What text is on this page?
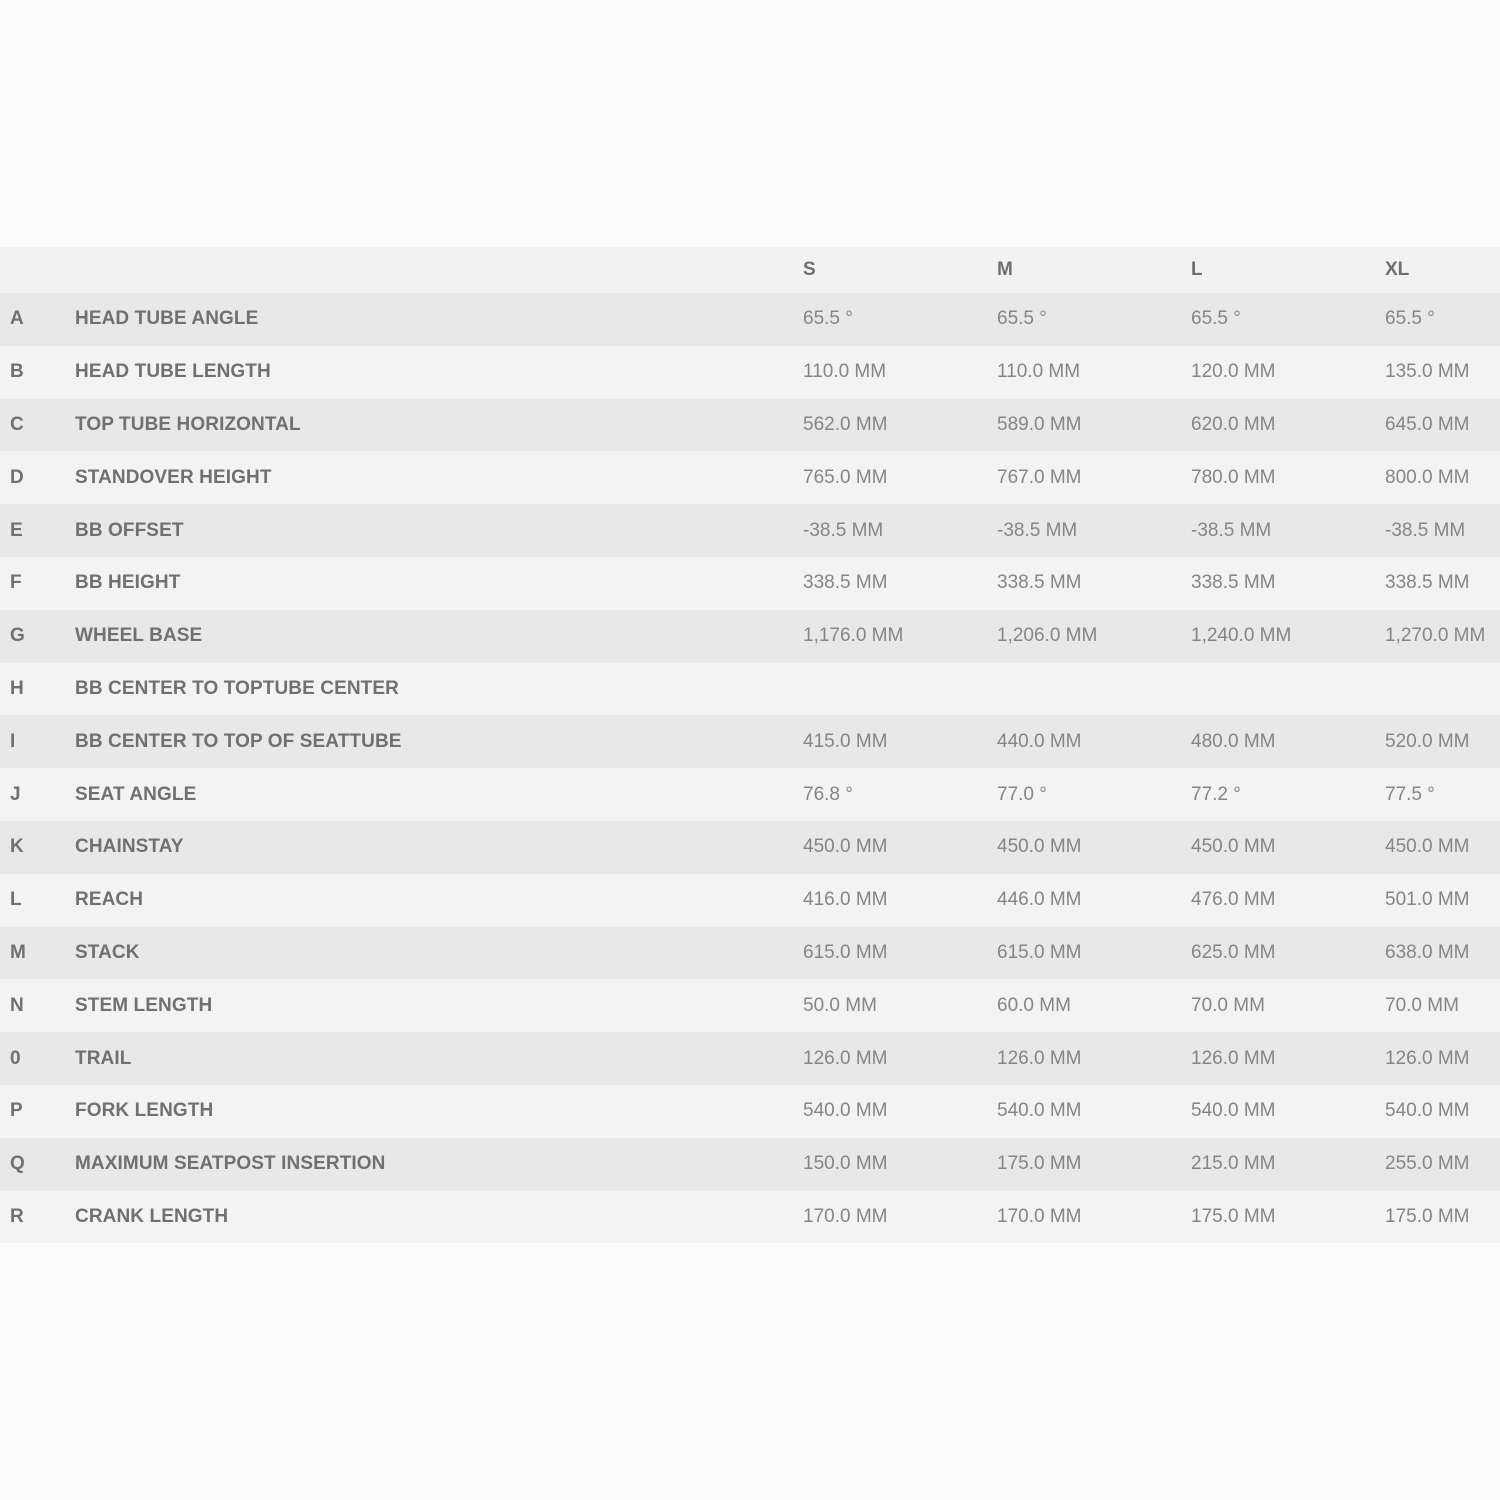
		S	M	L	XL
A	HEAD TUBE ANGLE	65.5 °	65.5 °	65.5 °	65.5 °
B	HEAD TUBE LENGTH	110.0 MM	110.0 MM	120.0 MM	135.0 MM
C	TOP TUBE HORIZONTAL	562.0 MM	589.0 MM	620.0 MM	645.0 MM
D	STANDOVER HEIGHT	765.0 MM	767.0 MM	780.0 MM	800.0 MM
E	BB OFFSET	-38.5 MM	-38.5 MM	-38.5 MM	-38.5 MM
F	BB HEIGHT	338.5 MM	338.5 MM	338.5 MM	338.5 MM
G	WHEEL BASE	1,176.0 MM	1,206.0 MM	1,240.0 MM	1,270.0 MM
H	BB CENTER TO TOPTUBE CENTER				
I	BB CENTER TO TOP OF SEATTUBE	415.0 MM	440.0 MM	480.0 MM	520.0 MM
J	SEAT ANGLE	76.8 °	77.0 °	77.2 °	77.5 °
K	CHAINSTAY	450.0 MM	450.0 MM	450.0 MM	450.0 MM
L	REACH	416.0 MM	446.0 MM	476.0 MM	501.0 MM
M	STACK	615.0 MM	615.0 MM	625.0 MM	638.0 MM
N	STEM LENGTH	50.0 MM	60.0 MM	70.0 MM	70.0 MM
0	TRAIL	126.0 MM	126.0 MM	126.0 MM	126.0 MM
P	FORK LENGTH	540.0 MM	540.0 MM	540.0 MM	540.0 MM
Q	MAXIMUM SEATPOST INSERTION	150.0 MM	175.0 MM	215.0 MM	255.0 MM
R	CRANK LENGTH	170.0 MM	170.0 MM	175.0 MM	175.0 MM
